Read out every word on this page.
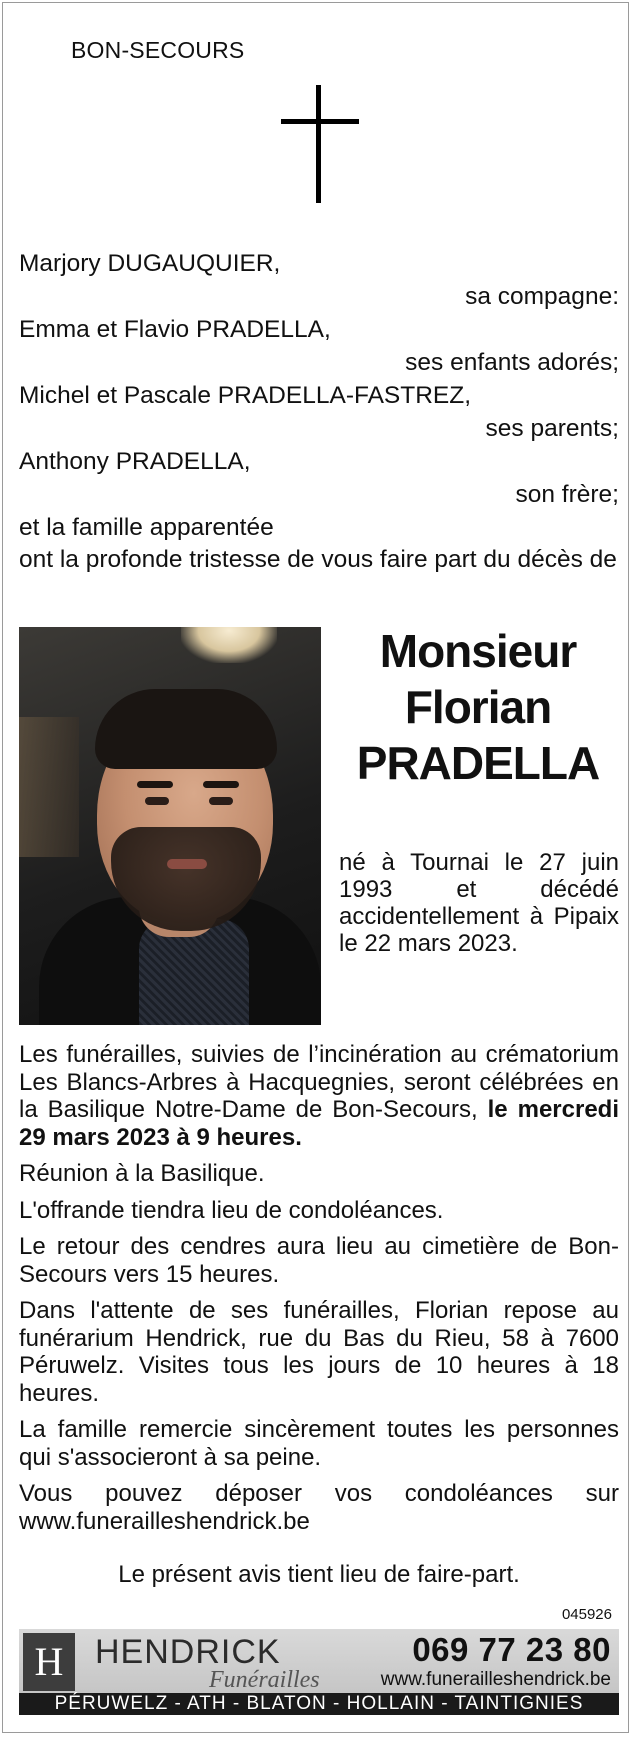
BON-SECOURS
Marjory DUGAUQUIER,
sa compagne:
Emma et Flavio PRADELLA,
ses enfants adorés;
Michel et Pascale PRADELLA-FASTREZ,
ses parents;
Anthony PRADELLA,
son frère;
et la famille apparentée
ont la profonde tristesse de vous faire part du décès de
Monsieur
Florian
PRADELLA
né à Tournai le 27 juin 1993 et décédé accidentellement à Pipaix le 22 mars 2023.

Les funérailles, suivies de l’incinération au crématorium Les Blancs-Arbres à Hacquegnies, seront célébrées en la Basilique Notre-Dame de Bon-Secours, le mercredi 29 mars 2023 à 9 heures.

Réunion à la Basilique.

L'offrande tiendra lieu de condoléances.

Le retour des cendres aura lieu au cimetière de Bon-Secours vers 15 heures.

Dans l'attente de ses funérailles, Florian repose au funérarium Hendrick, rue du Bas du Rieu, 58 à 7600 Péruwelz. Visites tous les jours de 10 heures à 18 heures.

La famille remercie sincèrement toutes les personnes qui s'associeront à sa peine.

Vous pouvez déposer vos condoléances sur www.funerailleshendrick.be

Le présent avis tient lieu de faire-part.
045926
H HENDRICK
Funérailles
069 77 23 80
www.funerailleshendrick.be
PÉRUWELZ - ATH - BLATON - HOLLAIN - TAINTIGNIES
